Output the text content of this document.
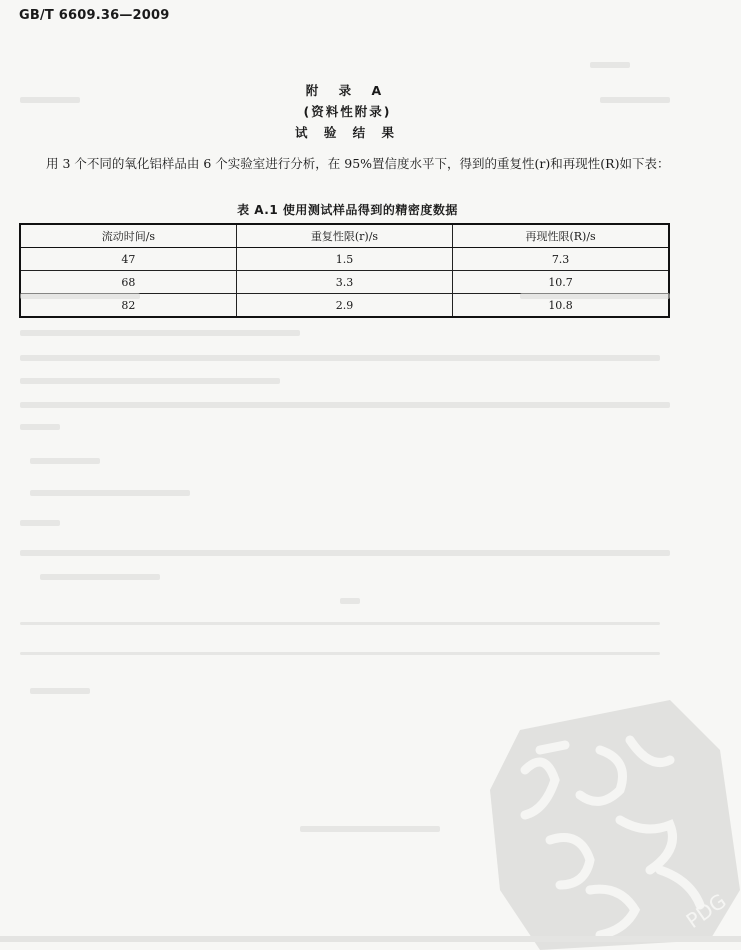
GB/T 6609.36—2009
附 录 A
(资料性附录)
试 验 结 果
用 3 个不同的氧化铝样品由 6 个实验室进行分析，在 95%置信度水平下，得到的重复性(r)和再现性(R)如下表：
表 A.1 使用测试样品得到的精密度数据
流动时间/s	重复性限(r)/s	再现性限(R)/s
47	1.5	7.3
68	3.3	10.7
82	2.9	10.8
PDG
